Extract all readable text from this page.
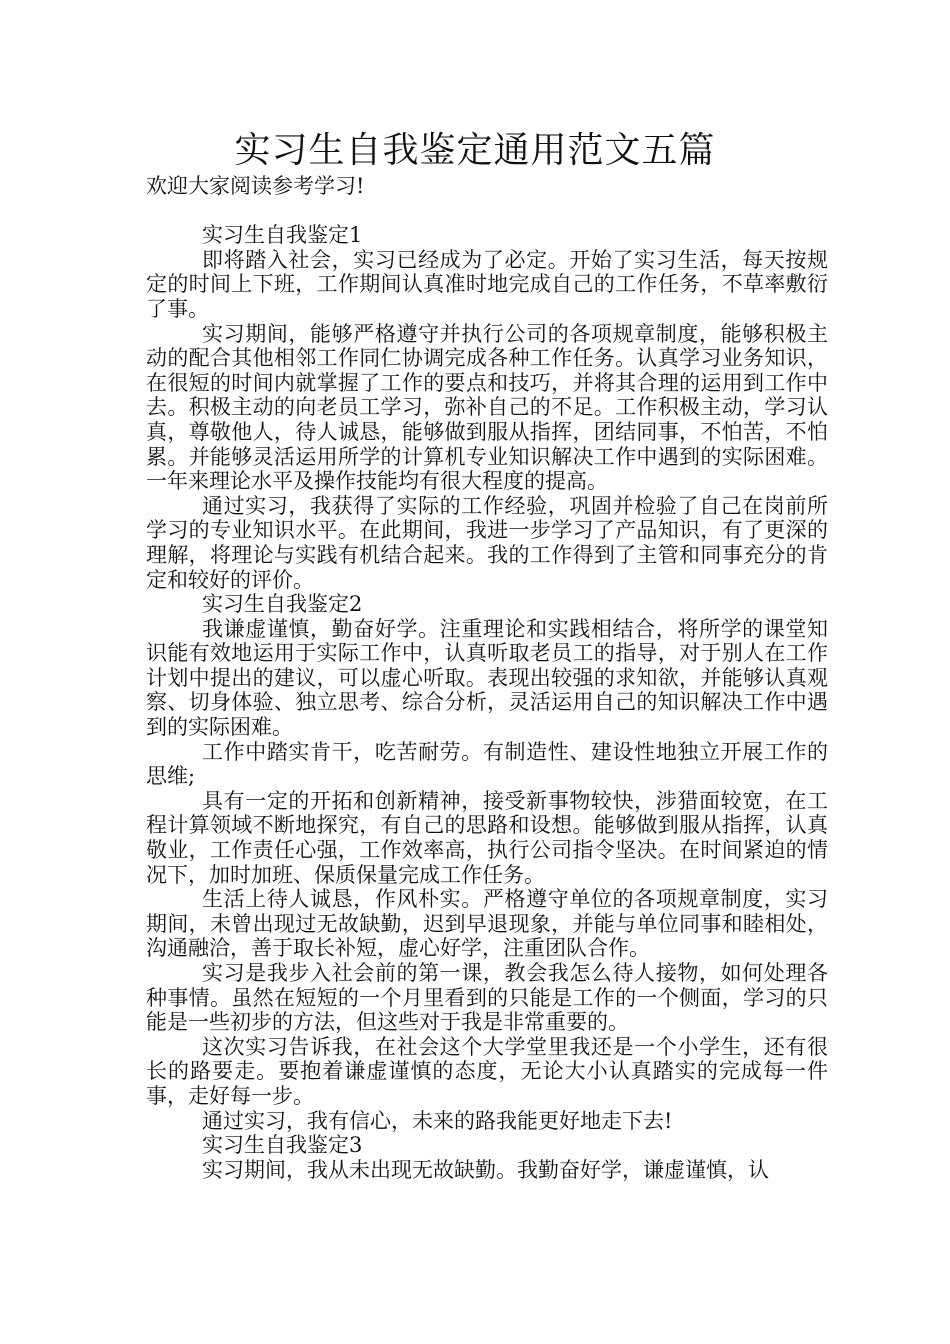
实习生自我鉴定通用范文五篇

欢迎大家阅读参考学习!

实习生自我鉴定1

即将踏入社会，实习已经成为了必定。开始了实习生活，每天按规定的时间上下班，工作期间认真准时地完成自己的工作任务，不草率敷衍了事。

实习期间，能够严格遵守并执行公司的各项规章制度，能够积极主动的配合其他相邻工作同仁协调完成各种工作任务。认真学习业务知识，在很短的时间内就掌握了工作的要点和技巧，并将其合理的运用到工作中去。积极主动的向老员工学习，弥补自己的不足。工作积极主动，学习认真，尊敬他人，待人诚恳，能够做到服从指挥，团结同事，不怕苦，不怕累。并能够灵活运用所学的计算机专业知识解决工作中遇到的实际困难。一年来理论水平及操作技能均有很大程度的提高。

通过实习，我获得了实际的工作经验，巩固并检验了自己在岗前所学习的专业知识水平。在此期间，我进一步学习了产品知识，有了更深的理解，将理论与实践有机结合起来。我的工作得到了主管和同事充分的肯定和较好的评价。

实习生自我鉴定2

我谦虚谨慎，勤奋好学。注重理论和实践相结合，将所学的课堂知识能有效地运用于实际工作中，认真听取老员工的指导，对于别人在工作计划中提出的建议，可以虚心听取。表现出较强的求知欲，并能够认真观察、切身体验、独立思考、综合分析，灵活运用自己的知识解决工作中遇到的实际困难。

工作中踏实肯干，吃苦耐劳。有制造性、建设性地独立开展工作的思维;

具有一定的开拓和创新精神，接受新事物较快，涉猎面较宽，在工程计算领域不断地探究，有自己的思路和设想。能够做到服从指挥，认真敬业，工作责任心强，工作效率高，执行公司指令坚决。在时间紧迫的情况下，加时加班、保质保量完成工作任务。

生活上待人诚恳，作风朴实。严格遵守单位的各项规章制度，实习期间，未曾出现过无故缺勤，迟到早退现象，并能与单位同事和睦相处，沟通融洽，善于取长补短，虚心好学，注重团队合作。

实习是我步入社会前的第一课，教会我怎么待人接物，如何处理各种事情。虽然在短短的一个月里看到的只能是工作的一个侧面，学习的只能是一些初步的方法，但这些对于我是非常重要的。

这次实习告诉我，在社会这个大学堂里我还是一个小学生，还有很长的路要走。要抱着谦虚谨慎的态度，无论大小认真踏实的完成每一件事，走好每一步。

通过实习，我有信心，未来的路我能更好地走下去!

实习生自我鉴定3

实习期间，我从未出现无故缺勤。我勤奋好学，谦虚谨慎，认
